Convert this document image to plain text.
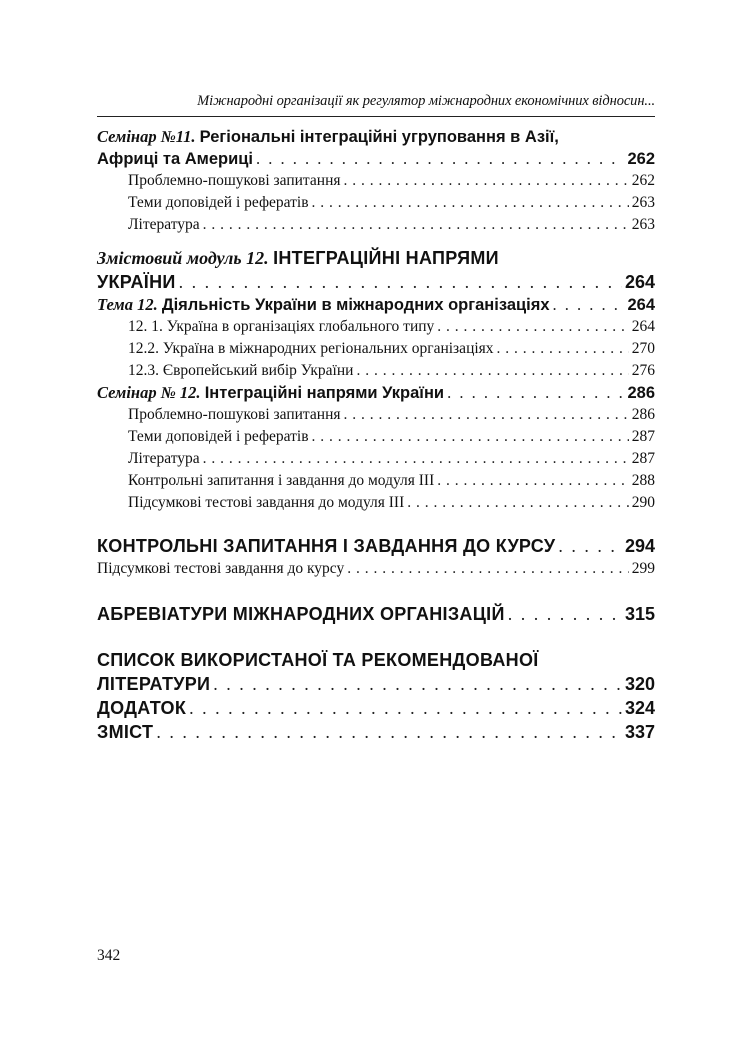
Міжнародні організації як регулятор міжнародних економічних відносин...
Семінар №11. Регіональні інтеграційні угруповання в Азії,
Африці та Америці . . .	262
Проблемно-пошукові запитання . . .	262
Теми доповідей і рефератів . . .	263
Література . . .	263
Змістовий модуль 12. ІНТЕГРАЦІЙНІ НАПРЯМИ
УКРАЇНИ . . .	264
Тема 12. Діяльність України в міжнародних організаціях . . .	264
12. 1. Україна в організаціях глобального типу . . .	264
12.2. Україна в міжнародних регіональних організаціях . . .	270
12.3. Європейський вибір України . . .	276
Семінар № 12. Інтеграційні напрями України . . .	286
Проблемно-пошукові запитання . . .	286
Теми доповідей і рефератів . . .	287
Література . . .	287
Контрольні запитання і завдання до модуля III . . .	288
Підсумкові тестові завдання до модуля III . . .	290
КОНТРОЛЬНІ ЗАПИТАННЯ І ЗАВДАННЯ ДО КУРСУ . . .	294
Підсумкові тестові завдання до курсу . . .	299
АБРЕВІАТУРИ МІЖНАРОДНИХ ОРГАНІЗАЦІЙ . . .	315
СПИСОК ВИКОРИСТАНОЇ ТА РЕКОМЕНДОВАНОЇ
ЛІТЕРАТУРИ . . .	320
ДОДАТОК . . .	324
ЗМІСТ . . .	337
342
